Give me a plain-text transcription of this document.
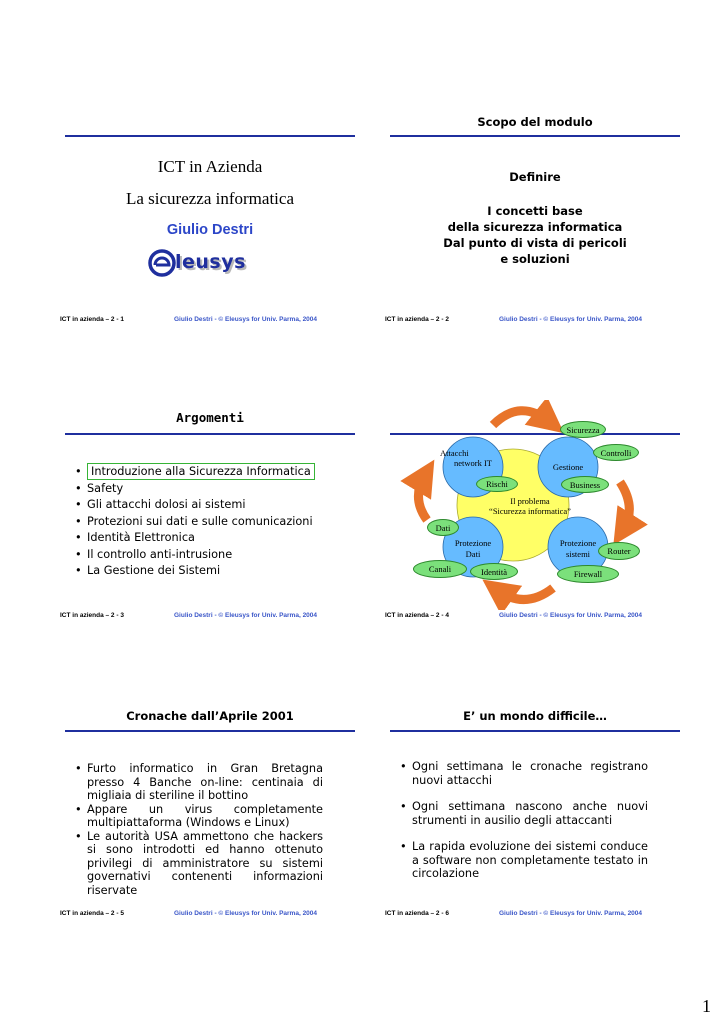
ICT in Azienda
La sicurezza informatica
Giulio Destri
leusys
ICT in azienda – 2 - 1	Giulio Destri - © Eleusys for Univ. Parma, 2004
Scopo del modulo
Definire
I concetti base
della sicurezza informatica
Dal punto di vista di pericoli
e soluzioni
ICT in azienda – 2 - 2	Giulio Destri - © Eleusys for Univ. Parma, 2004
Argomenti
• Introduzione alla Sicurezza Informatica
• Safety
• Gli attacchi dolosi ai sistemi
• Protezioni sui dati e sulle comunicazioni
• Identità Elettronica
• Il controllo anti-intrusione
• La Gestione dei Sistemi
ICT in azienda – 2 - 3	Giulio Destri - © Eleusys for Univ. Parma, 2004
Il problema
“Sicurezza informatica”
Attacchi
network IT	Gestione
Protezione
Dati
Protezione
sistemi
Sicurezza
Controlli
Rischi	Business
Dati
Router
Canali	Identità	Firewall
ICT in azienda – 2 - 4	Giulio Destri - © Eleusys for Univ. Parma, 2004
Cronache dall’Aprile 2001
• Furto informatico in Gran Bretagna presso 4 Banche on-line: centinaia di migliaia di steriline il bottino
• Appare un virus completamente multipiattaforma (Windows e Linux)
• Le autorità USA ammettono che hackers si sono introdotti ed hanno ottenuto privilegi di amministratore su sistemi governativi contenenti informazioni riservate
ICT in azienda – 2 - 5	Giulio Destri - © Eleusys for Univ. Parma, 2004
E’ un mondo difficile…
• Ogni settimana le cronache registrano nuovi attacchi
• Ogni settimana nascono anche nuovi strumenti in ausilio degli attaccanti
• La rapida evoluzione dei sistemi conduce a software non completamente testato in circolazione
ICT in azienda – 2 - 6	Giulio Destri - © Eleusys for Univ. Parma, 2004
1
